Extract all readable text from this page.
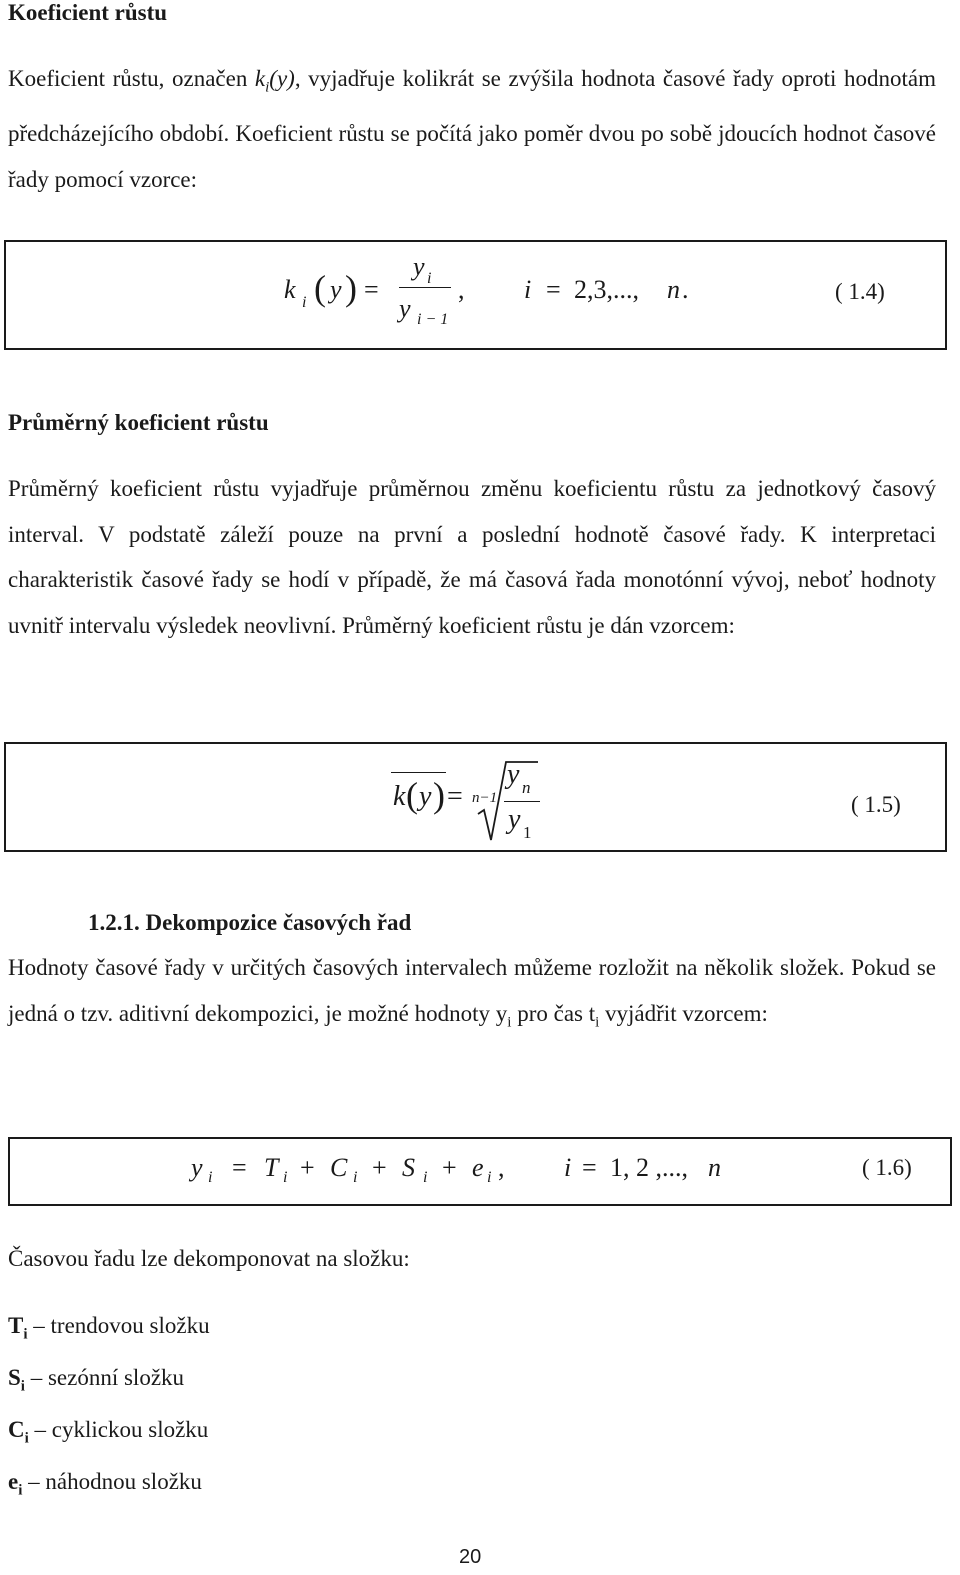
Koeficient růstu
Koeficient růstu, označen $k_i(y)$, vyjadřuje kolikrát se zvýšila hodnota časové řady oproti hodnotám předcházejícího období. Koeficient růstu se počítá jako poměr dvou po sobě jdoucích hodnot časové řady pomocí vzorce:
k i ( y ) =
y i
y i − 1
, i = 2,3,..., n .	( 1.4)
Průměrný koeficient růstu
Průměrný koeficient růstu vyjadřuje průměrnou změnu koeficientu růstu za jednotkový časový interval. V podstatě záleží pouze na první a poslední hodnotě časové řady. K interpretaci charakteristik časové řady se hodí v případě, že má časová řada monotónní vývoj, neboť hodnoty uvnitř intervalu výsledek neovlivní. Průměrný koeficient růstu je dán vzorcem:
k ( y ) = n−1
y n
y 1
( 1.5)
1.2.1. Dekompozice časových řad
Hodnoty časové řady v určitých časových intervalech můžeme rozložit na několik složek. Pokud se jedná o tzv. aditivní dekompozici, je možné hodnoty $y_i$ pro čas $t_i$ vyjádřit vzorcem:
y i = T i + C i + S i + e i , i = 1, 2 ,..., n	( 1.6)
Časovou řadu lze dekomponovat na složku:
$T_i$ – trendovou složku
$S_i$ – sezónní složku
$C_i$ – cyklickou složku
$e_i$ – náhodnou složku
20
